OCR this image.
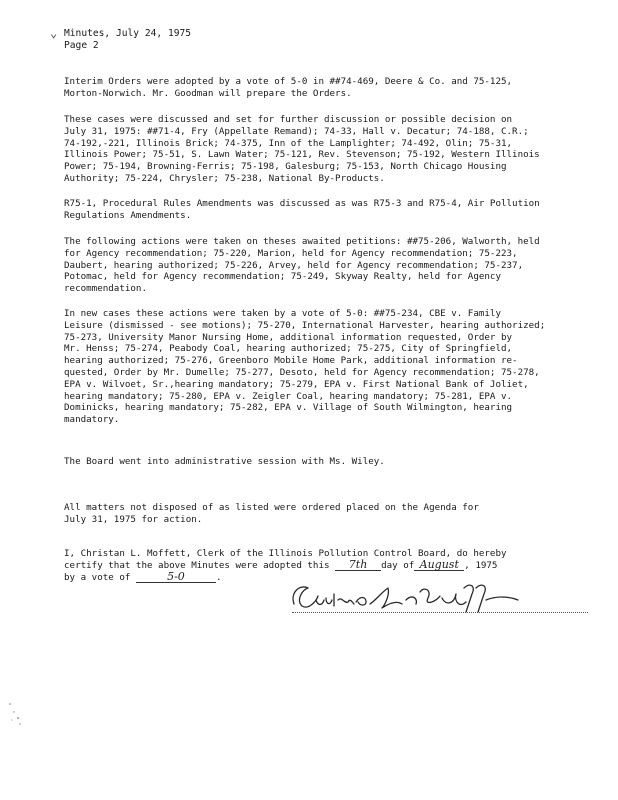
⌄ Minutes, July 24, 1975
Page 2

Interim Orders were adopted by a vote of 5-0 in ##74-469, Deere & Co. and 75-125,
Morton-Norwich. Mr. Goodman will prepare the Orders.

These cases were discussed and set for further discussion or possible decision on
July 31, 1975: ##71-4, Fry (Appellate Remand); 74-33, Hall v. Decatur; 74-188, C.R.;
74-192,-221, Illinois Brick; 74-375, Inn of the Lamplighter; 74-492, Olin; 75-31,
Illinois Power; 75-51, S. Lawn Water; 75-121, Rev. Stevenson; 75-192, Western Illinois
Power; 75-194, Browning-Ferris; 75-198, Galesburg; 75-153, North Chicago Housing
Authority; 75-224, Chrysler; 75-238, National By-Products.

R75-1, Procedural Rules Amendments was discussed as was R75-3 and R75-4, Air Pollution
Regulations Amendments.

The following actions were taken on theses awaited petitions: ##75-206, Walworth, held
for Agency recommendation; 75-220, Marion, held for Agency recommendation; 75-223,
Daubert, hearing authorized; 75-226, Arvey, held for Agency recommendation; 75-237,
Potomac, held for Agency recommendation; 75-249, Skyway Realty, held for Agency
recommendation.

In new cases these actions were taken by a vote of 5-0: ##75-234, CBE v. Family
Leisure (dismissed - see motions); 75-270, International Harvester, hearing authorized;
75-273, University Manor Nursing Home, additional information requested, Order by
Mr. Henss; 75-274, Peabody Coal, hearing authorized; 75-275, City of Springfield,
hearing authorized; 75-276, Greenboro Mobile Home Park, additional information re-
quested, Order by Mr. Dumelle; 75-277, Desoto, held for Agency recommendation; 75-278,
EPA v. Wilvoet, Sr.,hearing mandatory; 75-279, EPA v. First National Bank of Joliet,
hearing mandatory; 75-280, EPA v. Zeigler Coal, hearing mandatory; 75-281, EPA v.
Dominicks, hearing mandatory; 75-282, EPA v. Village of South Wilmington, hearing
mandatory.

The Board went into administrative session with Ms. Wiley.

All matters not disposed of as listed were ordered placed on the Agenda for
July 31, 1975 for action.

I, Christan L. Moffett, Clerk of the Illinois Pollution Control Board, do hereby
certify that the above Minutes were adopted this 7th day of August , 1975
by a vote of	5-0	.
